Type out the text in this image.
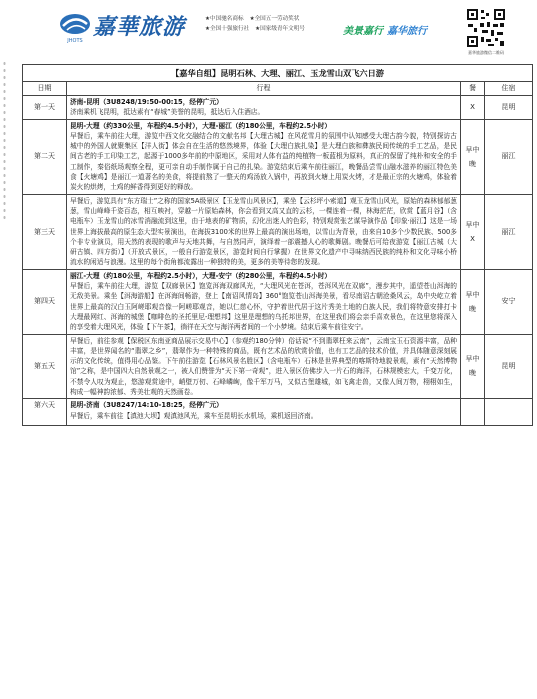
JHOTS
嘉華旅游	★中国驰名商标 ★全国五一劳动奖状
★全国十强旅行社 ★国家级青年文明号	美景嘉行 嘉华旅行
嘉华旅游微信二维码
【嘉华自组】昆明石林、大理、丽江、玉龙雪山双飞六日游			
日期	行程	餐	住宿
第一天	济南-昆明（3U8248/19:50-00:15，经停广元）
济南乘机飞昆明，抵达素有“春城”美誉的昆明，抵达后入住酒店。	X	昆明
第二天	昆明-大理（约330公里，车程约4.5小时），大理-丽江（约180公里，车程约2.5小时）
早餐后，乘车前往大理，游览中西文化交融结合的文献名邦【大理古城】在风花雪月的氛围中认知感受大理古韵今貌，特别探访古城中的外国人就聚集区【洋人街】体会自在生活的悠然境界，体验【大理白族扎染】是大理白族和彝族民间传统的手工艺品，是民间古老的手工印染工艺，起源于1000多年前的中原地区，采用对人体有益的纯植物一板蓝根为原料，真正的保留了纯朴和安全的手工制作，秦俗纸场观察全程，更可亲自动手制作属于自己的扎染。游览结束后乘车前往丽江，晚餐品尝雪山融水滋养的丽江特色美食【火塘鸡】是丽江一道著名的美食，将提前熬了一整天的鸡汤放入锅中，再放到火塘上用炭火烤，才是最正宗的火塘鸡，体验着炭火的烘烤，土鸡的鲜香得到更好的释放。	早中晚	丽江
第三天	早餐后，游览具有“东方瑞士”之称的国家5A级景区【玉龙雪山风景区】，乘坐【云杉坪小索道】观玉龙雪山风光，原始的森林郁郁葱葱，雪山峰峰千姿百态，相互映衬，穿越一片原始森林，你会看到又高又直的云杉，一棵连着一棵，林海茫茫，欣赏【蓝月谷】（含电瓶车）玉龙雪山的冰雪消融流到这里，由于地表的矿物质，幻化出迷人的色彩，特别观赏张艺谋导演作品【印象·丽江】这是一场世界上海拔最高的原生态大型实景演出，在海拔3100米的世界上最高的演出场地，以雪山为背景，由来自10多个少数民族、500多个非专业演员，用天然的表现的歌声与天地共舞，与自然同声，演绎着一部震撼人心的歌舞剧。晚餐后可给夜游览【丽江古城（大研古镇、四方街）】（开放式景区，一般自行游览景区，游览时间自行掌握）在世界文化遗产中寻味纳西民族的纯朴和文化寻味小桥流水的闲适与浪漫。这里的每个街角都流露出一种独特的美，更多的美等待您的发现。	早中X	丽江
第四天	丽江-大理（约180公里，车程约2.5小时），大理-安宁（约280公里，车程约4.5小时）
早餐后，乘车前往大理，游览【双廊景区】饱览洱海双廊风光，“大理风光在苍洱，苍洱风光在双廊”，漫步其中，遥望苍山洱海的无敌美景。乘坐【洱海游船】在洱海间畅游，登上【南诏风情岛】360°饱览苍山洱海美景，看尽南诏古朝沧桑风云，岛中央屹立着世界上最高的汉白玉阿嵯耶观音像一阿嵯耶观音，她以仁慈心怀，守护着世代居于这片秀美土地的白族人民，我们将特意安排打卡大理最网红、洱海的城堡【咖啡色的圣托里尼-理想邦】这里是理想的乌托邦世界，在这里我们将会亲手喜欢景色，在这里您将深入的享受着大理风光，体验【下午茶】，徜徉在天空与海洋两者间的一个小梦境。结束后乘车前往安宁。	早中晚	安宁
第五天	早餐后，前往参观【保税区东南亚商品展示交易中心】（参观约180分钟）俗话说“不到翡翠枉来云南”，云南宝玉石资源丰富，品种丰富，是世界闻名的“翡翠之乡”，翡翠作为一种特殊的商品，既有艺术品的欣赏价值，也有工艺品的技术价值，并具体随意深刻展示的文化传统，值得用心品鉴。下午前往游览【石林风景名胜区】（含电瓶车）石林是世界典型的喀斯特地貌景观，素有“天然博物馆”之称，是中国四大自然景观之一，被人们赞誉为“天下第一奇观”，进入景区仿佛步入一片石的海洋，石林规模宏大，千变万化，不禁令人叹为观止，悠游观赏途中，峭壁万仞、石峰嶙峋，像千军万马，又似古堡雄城，如飞禽走兽，又像人间万物，栩栩如生，构成一幅神韵浓郁、秀美壮观的天然画卷。	早中晚	昆明
第六天	昆明-济南（3U8247/14:10-18:25，经停广元）
早餐后，乘车前往【滇池大坝】观滇池风光，乘车至昆明长水机场，乘机返回济南。		
